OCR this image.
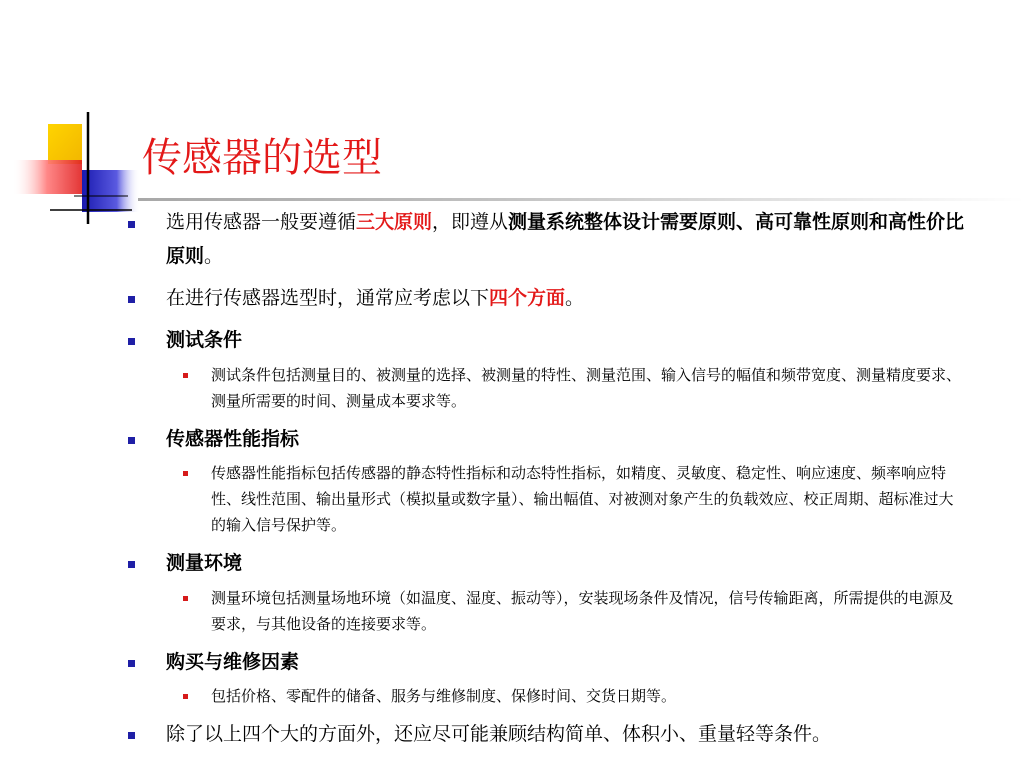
传感器的选型
选用传感器一般要遵循三大原则，即遵从测量系统整体设计需要原则、高可靠性原则和高性价比原则。
在进行传感器选型时，通常应考虑以下四个方面。
测试条件
测试条件包括测量目的、被测量的选择、被测量的特性、测量范围、输入信号的幅值和频带宽度、测量精度要求、测量所需要的时间、测量成本要求等。
传感器性能指标
传感器性能指标包括传感器的静态特性指标和动态特性指标，如精度、灵敏度、稳定性、响应速度、频率响应特性、线性范围、输出量形式（模拟量或数字量）、输出幅值、对被测对象产生的负载效应、校正周期、超标准过大的输入信号保护等。
测量环境
测量环境包括测量场地环境（如温度、湿度、振动等），安装现场条件及情况，信号传输距离，所需提供的电源及要求，与其他设备的连接要求等。
购买与维修因素
包括价格、零配件的储备、服务与维修制度、保修时间、交货日期等。
除了以上四个大的方面外，还应尽可能兼顾结构简单、体积小、重量轻等条件。
